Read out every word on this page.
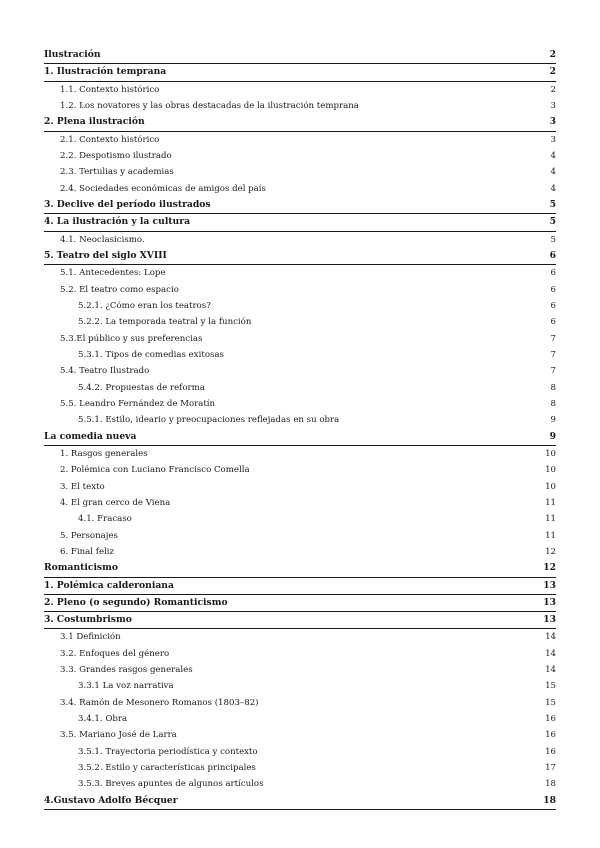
Ilustración	2
1. Ilustración temprana	2
1.1. Contexto histórico	2
1.2. Los novatores y las obras destacadas de la ilustración temprana	3
2. Plena ilustración	3
2.1. Contexto histórico	3
2.2. Despotismo ilustrado	4
2.3. Tertulias y academias	4
2.4. Sociedades económicas de amigos del país	4
3. Declive del período ilustrados	5
4. La ilustración y la cultura	5
4.1. Neoclasicismo.	5
5. Teatro del siglo XVIII	6
5.1. Antecedentes: Lope	6
5.2. El teatro como espacio	6
5.2.1. ¿Cómo eran los teatros?	6
5.2.2. La temporada teatral y la función	6
5.3.El público y sus preferencias	7
5.3.1. Tipos de comedias exitosas	7
5.4. Teatro Ilustrado	7
5.4.2. Propuestas de reforma	8
5.5. Leandro Fernández de Moratín	8
5.5.1. Estilo, ideario y preocupaciones reflejadas en su obra	9
La comedia nueva	9
1. Rasgos generales	10
2. Polémica con Luciano Francisco Comella	10
3. El texto	10
4. El gran cerco de Viena	11
4.1. Fracaso	11
5. Personajes	11
6. Final feliz	12
Romanticismo	12
1. Polémica calderoniana	13
2. Pleno (o segundo) Romanticismo	13
3. Costumbrismo	13
3.1 Definición	14
3.2. Enfoques del género	14
3.3. Grandes rasgos generales	14
3.3.1 La voz narrativa	15
3.4. Ramón de Mesonero Romanos (1803–82)	15
3.4.1. Obra	16
3.5. Mariano José de Larra	16
3.5.1. Trayectoria periodística y contexto	16
3.5.2. Estilo y características principales	17
3.5.3. Breves apuntes de algunos artículos	18
4.Gustavo Adolfo Bécquer	18
